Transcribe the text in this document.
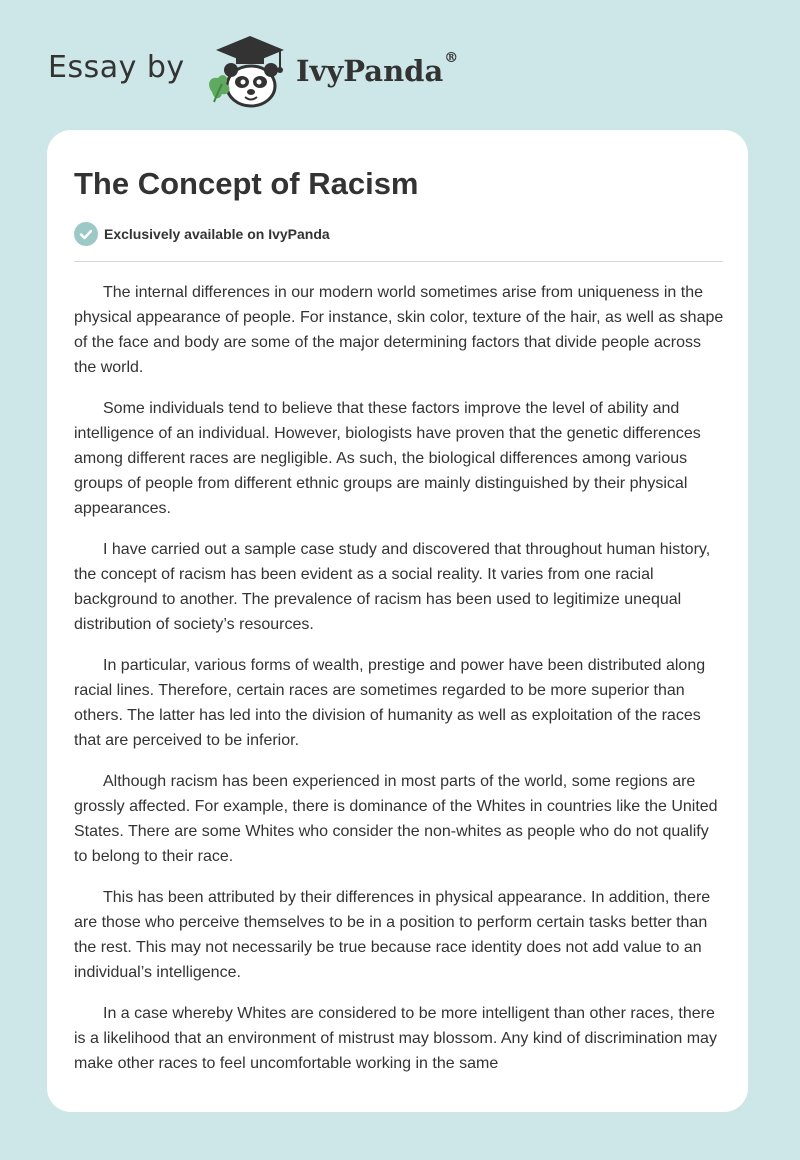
Essay by	IvyPanda®
The Concept of Racism
Exclusively available on IvyPanda

The internal differences in our modern world sometimes arise from uniqueness in the physical appearance of people. For instance, skin color, texture of the hair, as well as shape of the face and body are some of the major determining factors that divide people across the world.

Some individuals tend to believe that these factors improve the level of ability and intelligence of an individual. However, biologists have proven that the genetic differences among different races are negligible. As such, the biological differences among various groups of people from different ethnic groups are mainly distinguished by their physical appearances.

I have carried out a sample case study and discovered that throughout human history, the concept of racism has been evident as a social reality. It varies from one racial background to another. The prevalence of racism has been used to legitimize unequal distribution of society’s resources.

In particular, various forms of wealth, prestige and power have been distributed along racial lines. Therefore, certain races are sometimes regarded to be more superior than others. The latter has led into the division of humanity as well as exploitation of the races that are perceived to be inferior.

Although racism has been experienced in most parts of the world, some regions are grossly affected. For example, there is dominance of the Whites in countries like the United States. There are some Whites who consider the non-whites as people who do not qualify to belong to their race.

This has been attributed by their differences in physical appearance. In addition, there are those who perceive themselves to be in a position to perform certain tasks better than the rest. This may not necessarily be true because race identity does not add value to an individual’s intelligence.

In a case whereby Whites are considered to be more intelligent than other races, there is a likelihood that an environment of mistrust may blossom. Any kind of discrimination may make other races to feel uncomfortable working in the same
